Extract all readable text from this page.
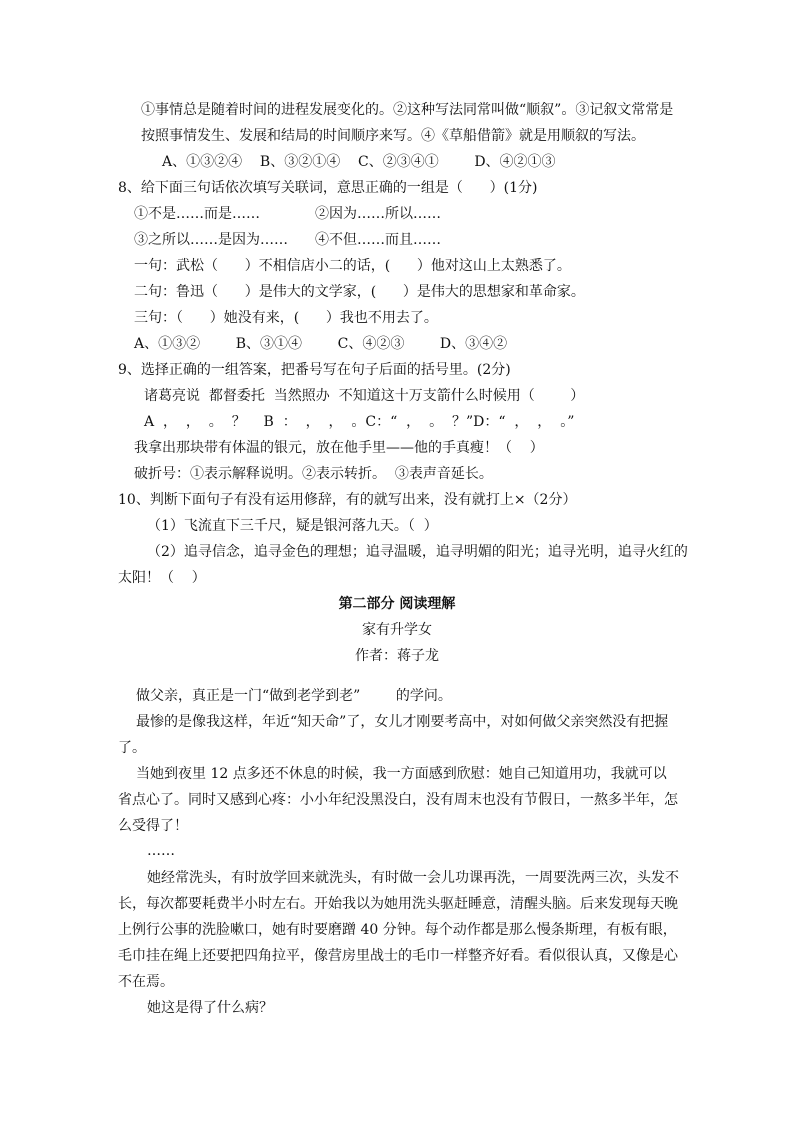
①事情总是随着时间的进程发展变化的。②这种写法同常叫做“顺叙”。③记叙文常常是
按照事情发生、发展和结局的时间顺序来写。④《草船借箭》就是用顺叙的写法。
A、①③②④    B、③②①④    C、②③④①        D、④②①③
8、给下面三句话依次填写关联词，意思正确的一组是（      ）(1分)
①不是……而是……	②因为……所以……
③之所以……是因为…… ④不但……而且……
一句：武松（      ）不相信店小二的话，(      ）他对这山上太熟悉了。
二句：鲁迅（      ）是伟大的文学家，(      ）是伟大的思想家和革命家。
三句：（      ）她没有来，(      ）我也不用去了。
A、①③②        B、③①④        C、④②③        D、③④②
9、选择正确的一组答案，把番号写在句子后面的括号里。(2分)
诸葛亮说  都督委托  当然照办  不知道这十万支箭什么时候用（        ）
A  ，  ，  。  ？    B  ：  ，  ，  。C：“  ，  。  ？”D：“  ，  ，  。”
我拿出那块带有体温的银元，放在他手里——他的手真瘦！（    ）
破折号：①表示解释说明。②表示转折。  ③表声音延长。
10、判断下面句子有没有运用修辞，有的就写出来，没有就打上×（2分）
（1）飞流直下三千尺，疑是银河落九天。（  ）
（2）追寻信念，追寻金色的理想；追寻温暖，追寻明媚的阳光；追寻光明，追寻火红的
太阳！（    ）
第二部分 阅读理解
家有升学女
作者：蒋子龙
做父亲，真正是一门“做到老学到老”        的学问。
最惨的是像我这样，年近“知天命”了，女儿才刚要考高中，对如何做父亲突然没有把握
了。
当她到夜里 12 点多还不休息的时候，我一方面感到欣慰：她自己知道用功，我就可以
省点心了。同时又感到心疼：小小年纪没黑没白，没有周末也没有节假日，一熬多半年，怎
么受得了！
……
她经常洗头，有时放学回来就洗头，有时做一会儿功课再洗，一周要洗两三次，头发不
长，每次都要耗费半小时左右。开始我以为她用洗头驱赶睡意，清醒头脑。后来发现每天晚
上例行公事的洗脸嗽口，她有时要磨蹭 40 分钟。每个动作都是那么慢条斯理，有板有眼，
毛巾挂在绳上还要把四角拉平，像营房里战士的毛巾一样整齐好看。看似很认真，又像是心
不在焉。
她这是得了什么病？
